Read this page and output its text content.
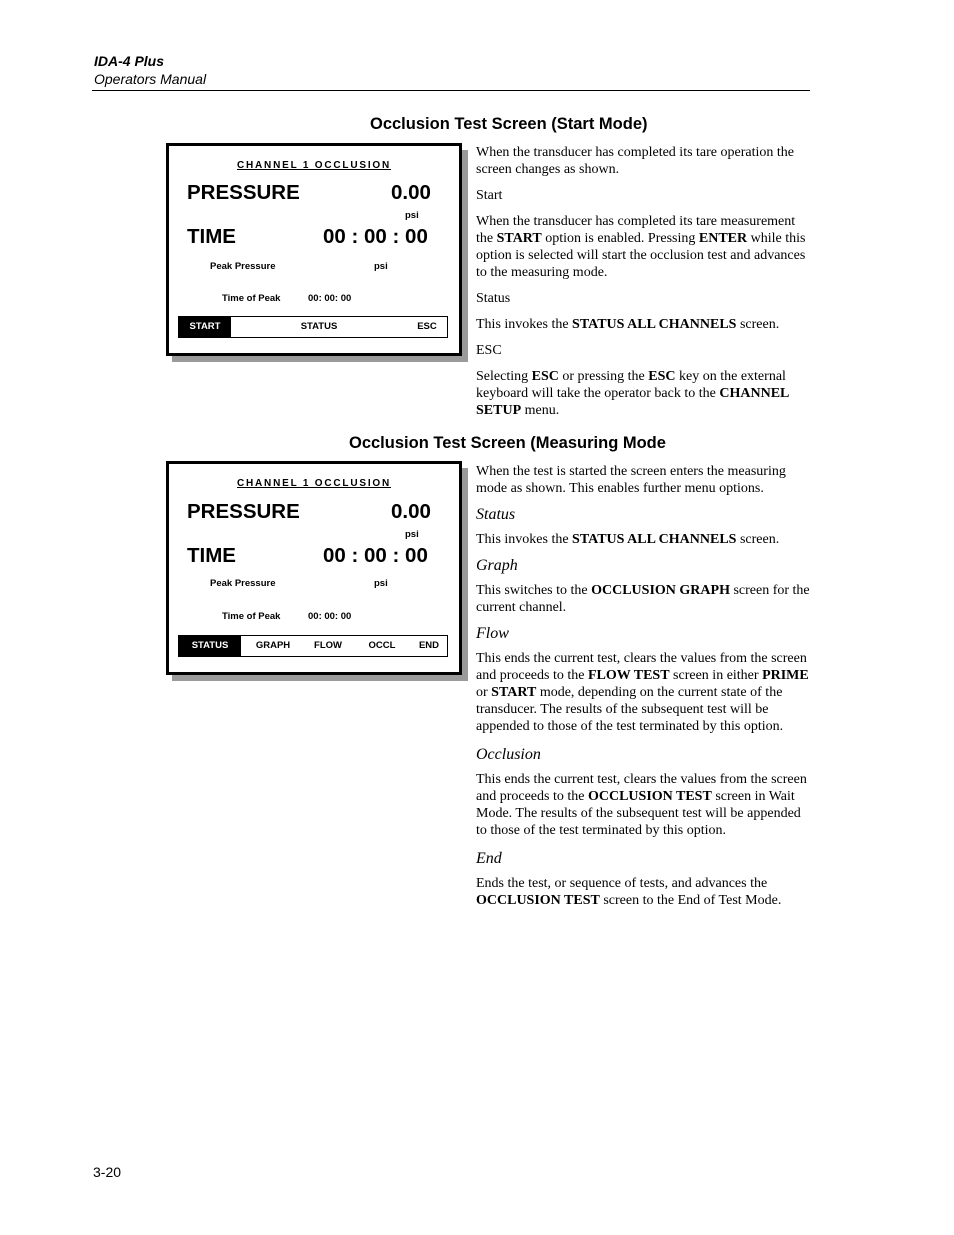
IDA-4 Plus
Operators Manual
Occlusion Test Screen (Start Mode)
CHANNEL 1 OCCLUSION
PRESSURE	0.00
psi
TIME	00 : 00 : 00
Peak Pressure	psi
Time of Peak	00: 00: 00
START	STATUS	ESC

When the transducer has completed its tare operation the screen changes as shown.

Start

When the transducer has completed its tare measurement the START option is enabled. Pressing ENTER while this option is selected will start the occlusion test and advances to the measuring mode.

Status

This invokes the STATUS ALL CHANNELS screen.

ESC

Selecting ESC or pressing the ESC key on the external keyboard will take the operator back to the CHANNEL SETUP menu.

Occlusion Test Screen (Measuring Mode
CHANNEL 1 OCCLUSION
PRESSURE	0.00
psi
TIME	00 : 00 : 00
Peak Pressure	psi
Time of Peak	00: 00: 00
STATUS	GRAPH	FLOW	OCCL	END

When the test is started the screen enters the measuring mode as shown. This enables further menu options.

Status

This invokes the STATUS ALL CHANNELS screen.

Graph

This switches to the OCCLUSION GRAPH screen for the current channel.

Flow

This ends the current test, clears the values from the screen and proceeds to the FLOW TEST screen in either PRIME or START mode, depending on the current state of the transducer. The results of the subsequent test will be appended to those of the test terminated by this option.

Occlusion

This ends the current test, clears the values from the screen and proceeds to the OCCLUSION TEST screen in Wait Mode. The results of the subsequent test will be appended to those of the test terminated by this option.

End

Ends the test, or sequence of tests, and advances the OCCLUSION TEST screen to the End of Test Mode.

3-20
